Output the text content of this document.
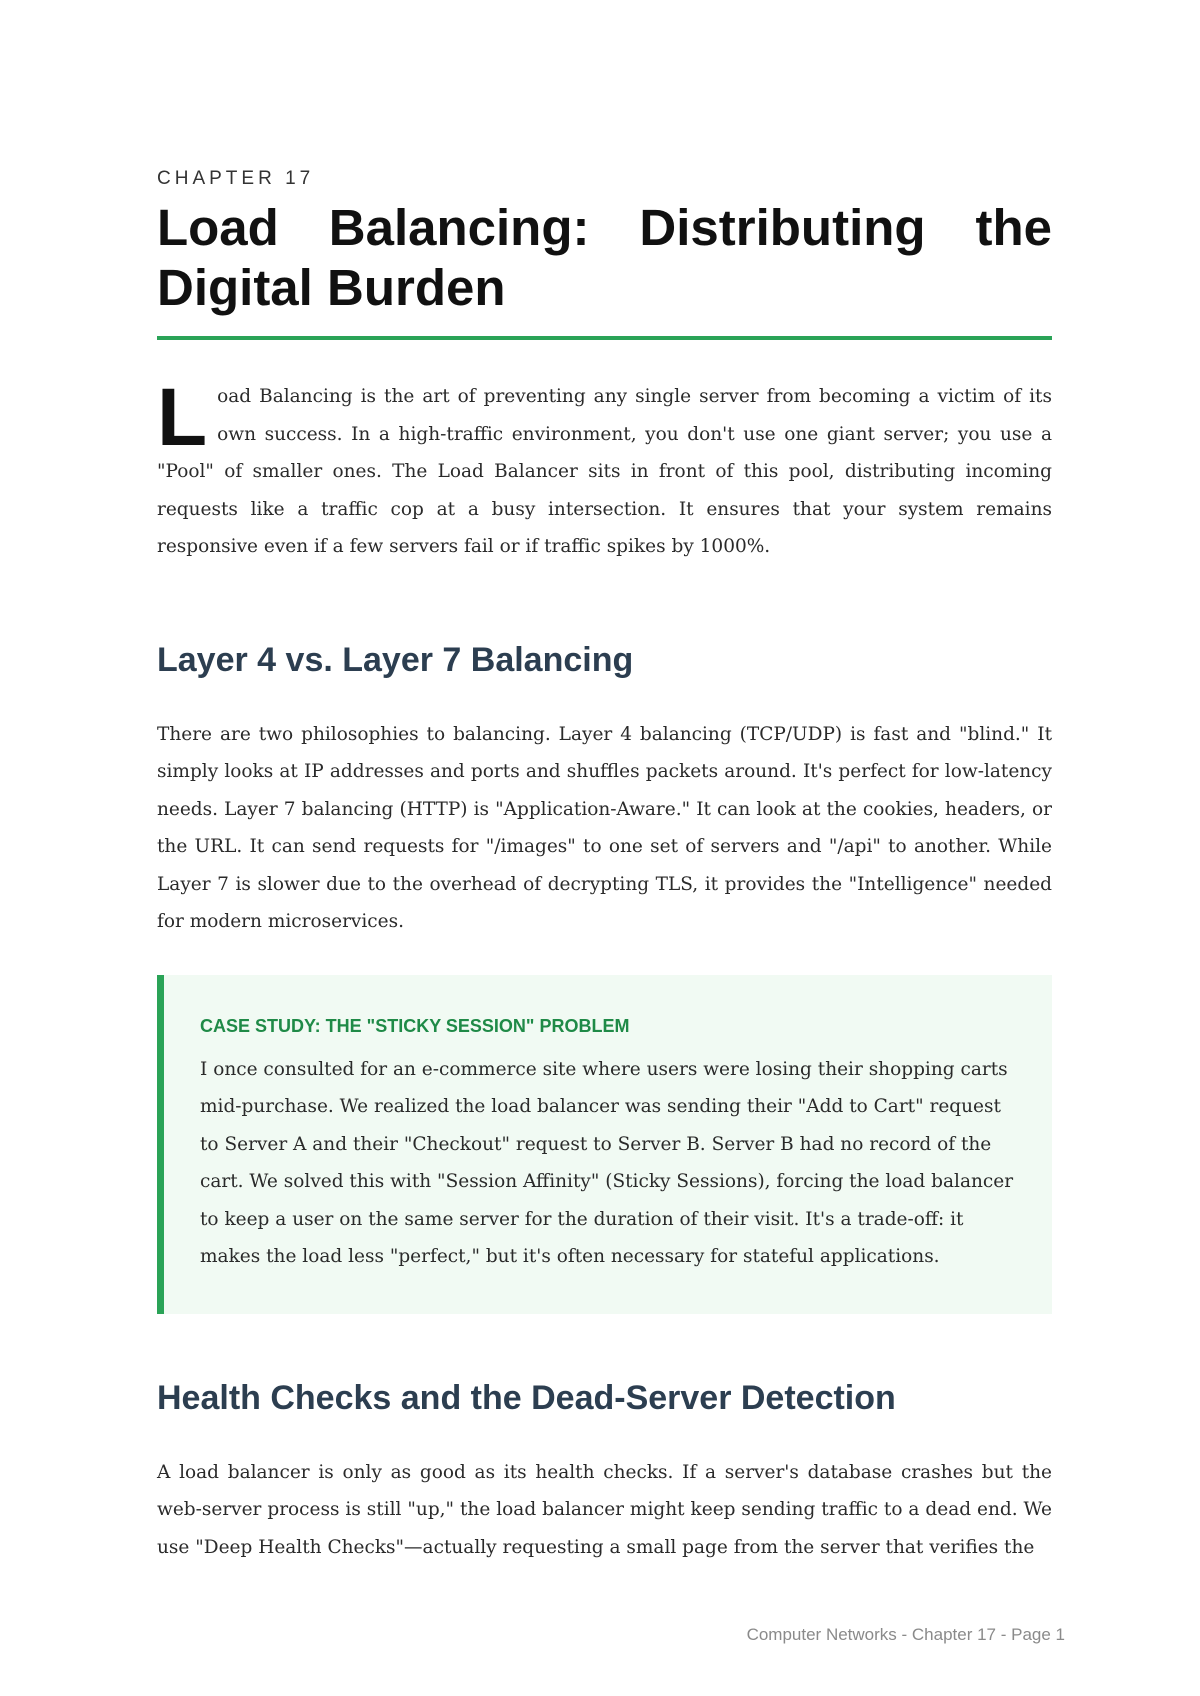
CHAPTER 17
Load Balancing: Distributing the Digital Burden

Load Balancing is the art of preventing any single server from becoming a victim of its own success. In a high-traffic environment, you don't use one giant server; you use a "Pool" of smaller ones. The Load Balancer sits in front of this pool, distributing incoming requests like a traffic cop at a busy intersection. It ensures that your system remains responsive even if a few servers fail or if traffic spikes by 1000%.

Layer 4 vs. Layer 7 Balancing

There are two philosophies to balancing. Layer 4 balancing (TCP/UDP) is fast and "blind." It simply looks at IP addresses and ports and shuffles packets around. It's perfect for low-latency needs. Layer 7 balancing (HTTP) is "Application-Aware." It can look at the cookies, headers, or the URL. It can send requests for "/images" to one set of servers and "/api" to another. While Layer 7 is slower due to the overhead of decrypting TLS, it provides the "Intelligence" needed for modern microservices.

CASE STUDY: THE "STICKY SESSION" PROBLEM

I once consulted for an e-commerce site where users were losing their shopping carts mid-purchase. We realized the load balancer was sending their "Add to Cart" request to Server A and their "Checkout" request to Server B. Server B had no record of the cart. We solved this with "Session Affinity" (Sticky Sessions), forcing the load balancer to keep a user on the same server for the duration of their visit. It's a trade-off: it makes the load less "perfect," but it's often necessary for stateful applications.

Health Checks and the Dead-Server Detection

A load balancer is only as good as its health checks. If a server's database crashes but the web-server process is still "up," the load balancer might keep sending traffic to a dead end. We use "Deep Health Checks"—actually requesting a small page from the server that verifies the

Computer Networks - Chapter 17 - Page 1
